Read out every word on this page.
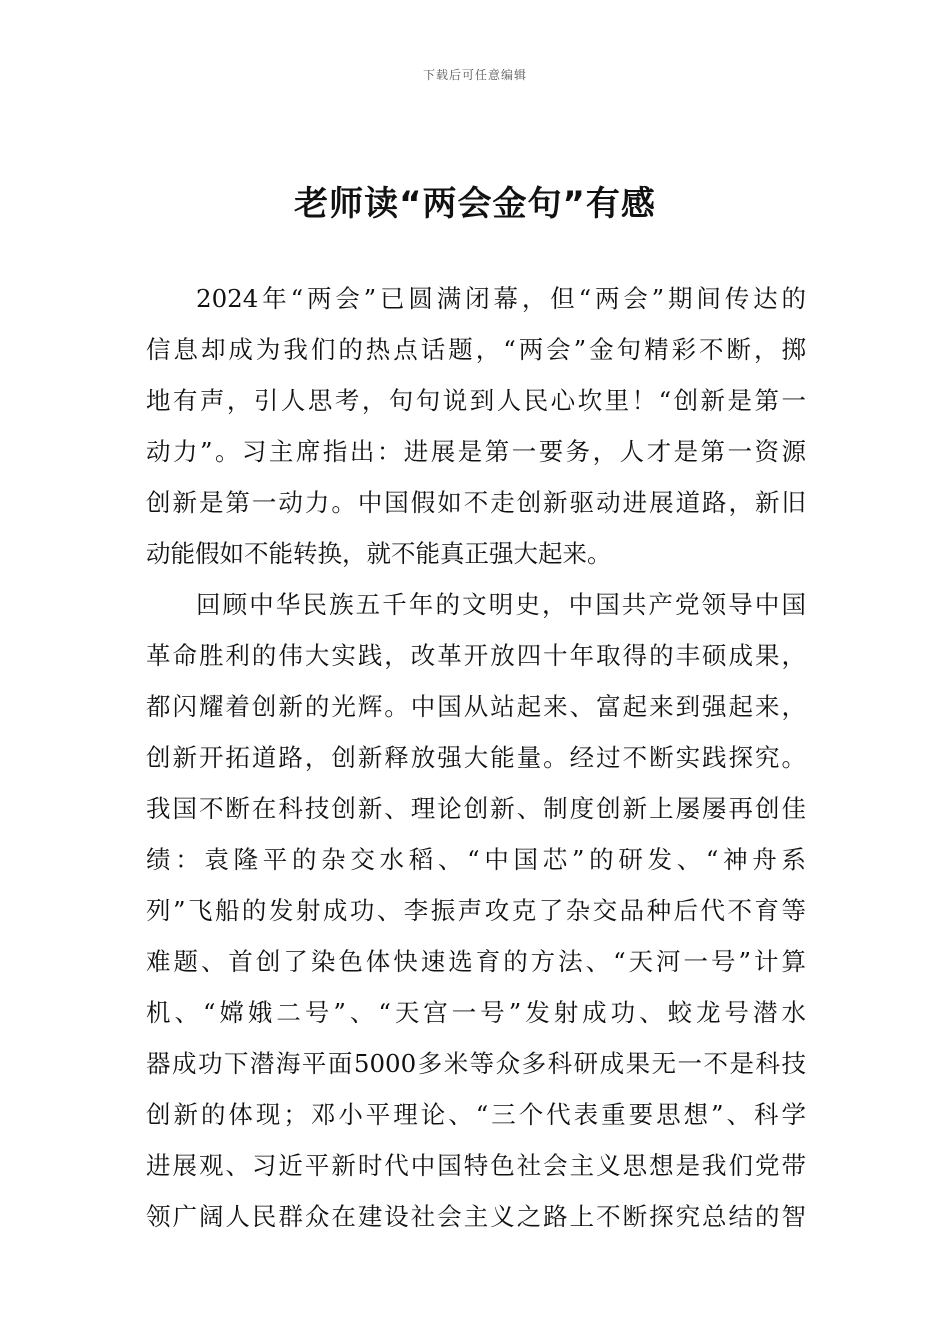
下载后可任意编辑
老师读“两会金句”有感
2024年“两会”已圆满闭幕，但“两会”期间传达的
信息却成为我们的热点话题，“两会”金句精彩不断，掷
地有声，引人思考，句句说到人民心坎里！“创新是第一
动力”。习主席指出：进展是第一要务，人才是第一资源
创新是第一动力。中国假如不走创新驱动进展道路，新旧
动能假如不能转换，就不能真正强大起来。
回顾中华民族五千年的文明史，中国共产党领导中国
革命胜利的伟大实践，改革开放四十年取得的丰硕成果，
都闪耀着创新的光辉。中国从站起来、富起来到强起来，
创新开拓道路，创新释放强大能量。经过不断实践探究。
我国不断在科技创新、理论创新、制度创新上屡屡再创佳
绩：袁隆平的杂交水稻、“中国芯”的研发、“神舟系
列”飞船的发射成功、李振声攻克了杂交品种后代不育等
难题、首创了染色体快速选育的方法、“天河一号”计算
机、“嫦娥二号”、“天宫一号”发射成功、蛟龙号潜水
器成功下潜海平面5000多米等众多科研成果无一不是科技
创新的体现；邓小平理论、“三个代表重要思想”、科学
进展观、习近平新时代中国特色社会主义思想是我们党带
领广阔人民群众在建设社会主义之路上不断探究总结的智
